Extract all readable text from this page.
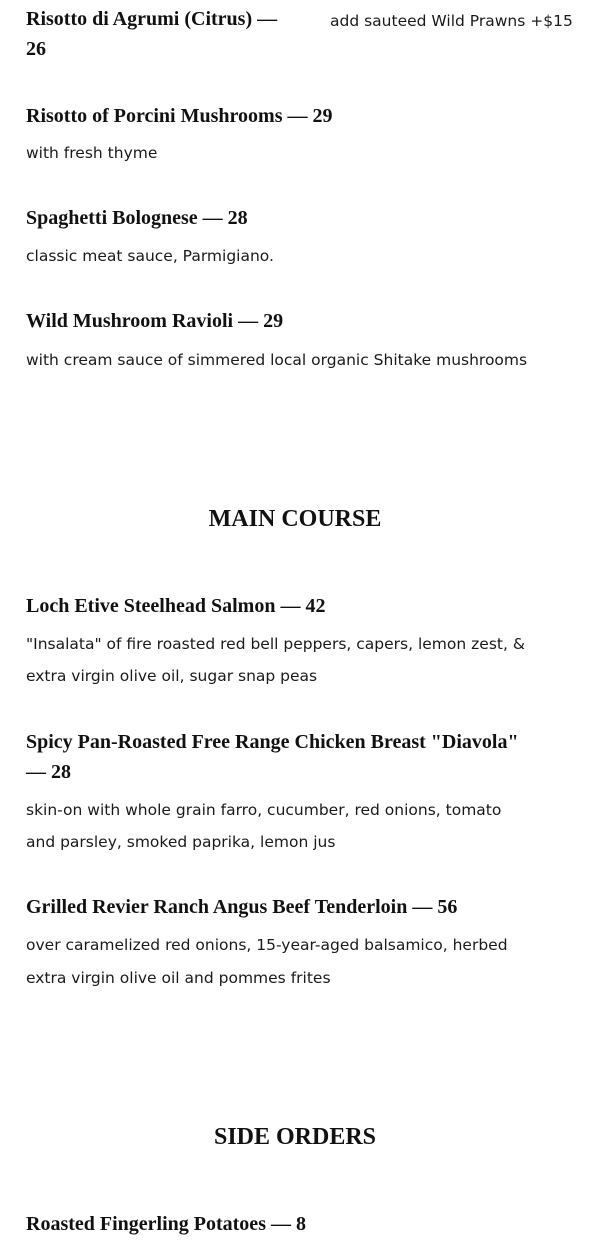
Risotto di Agrumi (Citrus) —

26

add sauteed Wild Prawns +$15

Risotto of Porcini Mushrooms — 29

with fresh thyme

Spaghetti Bolognese — 28

classic meat sauce, Parmigiano.

Wild Mushroom Ravioli — 29

with cream sauce of simmered local organic Shitake mushrooms

MAIN COURSE

Loch Etive Steelhead Salmon — 42

"Insalata" of fire roasted red bell peppers, capers, lemon zest, &

extra virgin olive oil, sugar snap peas

Spicy Pan-Roasted Free Range Chicken Breast "Diavola"

— 28

skin-on with whole grain farro, cucumber, red onions, tomato

and parsley, smoked paprika, lemon jus

Grilled Revier Ranch Angus Beef Tenderloin — 56

over caramelized red onions, 15-year-aged balsamico, herbed

extra virgin olive oil and pommes frites

SIDE ORDERS

Roasted Fingerling Potatoes — 8
